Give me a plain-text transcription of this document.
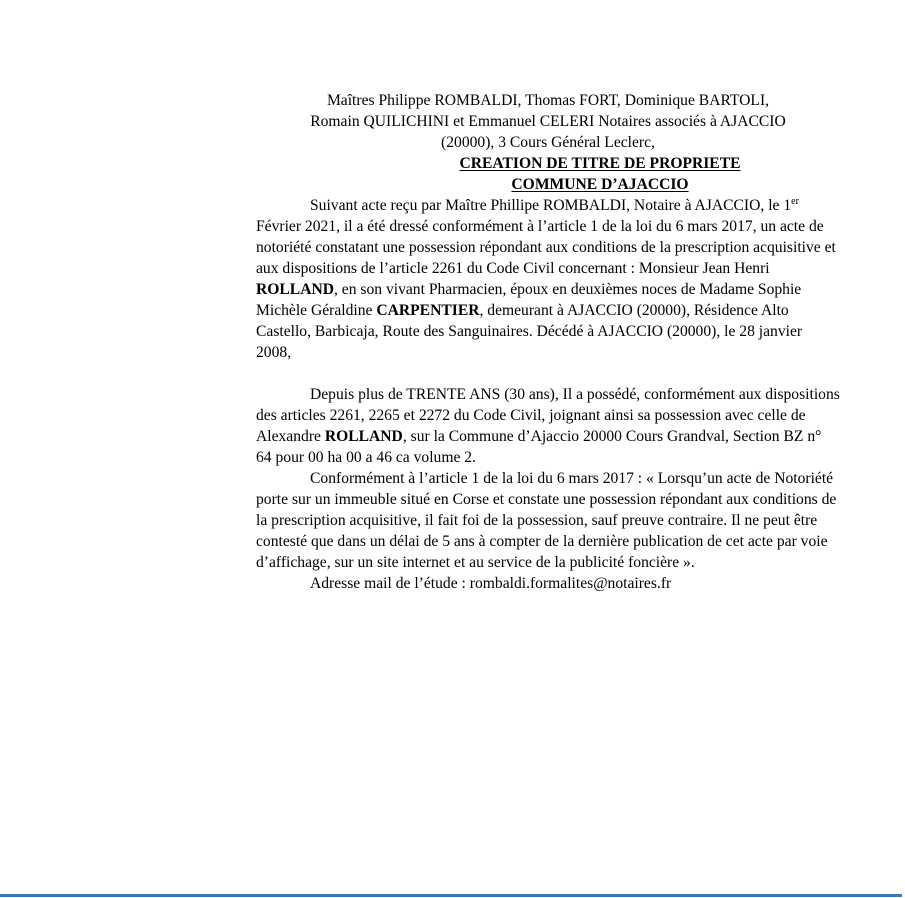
Maîtres Philippe ROMBALDI, Thomas FORT, Dominique BARTOLI,

Romain QUILICHINI et Emmanuel CELERI Notaires associés à AJACCIO

(20000), 3 Cours Général Leclerc,

CREATION DE TITRE DE PROPRIETE

COMMUNE D’AJACCIO

Suivant acte reçu par Maître Phillipe ROMBALDI, Notaire à AJACCIO, le 1er Février 2021, il a été dressé conformément à l’article 1 de la loi du 6 mars 2017, un acte de notoriété constatant une possession répondant aux conditions de la prescription acquisitive et aux dispositions de l’article 2261 du Code Civil concernant : Monsieur Jean Henri ROLLAND, en son vivant Pharmacien, époux en deuxièmes noces de Madame Sophie Michèle Géraldine CARPENTIER, demeurant à AJACCIO (20000), Résidence Alto Castello, Barbicaja, Route des Sanguinaires. Décédé à AJACCIO (20000), le 28 janvier 2008,

Depuis plus de TRENTE ANS (30 ans), Il a possédé, conformément aux dispositions des articles 2261, 2265 et 2272 du Code Civil, joignant ainsi sa possession avec celle de Alexandre ROLLAND, sur la Commune d’Ajaccio 20000 Cours Grandval, Section BZ n° 64 pour 00 ha 00 a 46 ca volume 2.

Conformément à l’article 1 de la loi du 6 mars 2017 : « Lorsqu’un acte de Notoriété porte sur un immeuble situé en Corse et constate une possession répondant aux conditions de la prescription acquisitive, il fait foi de la possession, sauf preuve contraire. Il ne peut être contesté que dans un délai de 5 ans à compter de la dernière publication de cet acte par voie d’affichage, sur un site internet et au service de la publicité foncière ».

Adresse mail de l’étude : rombaldi.formalites@notaires.fr
